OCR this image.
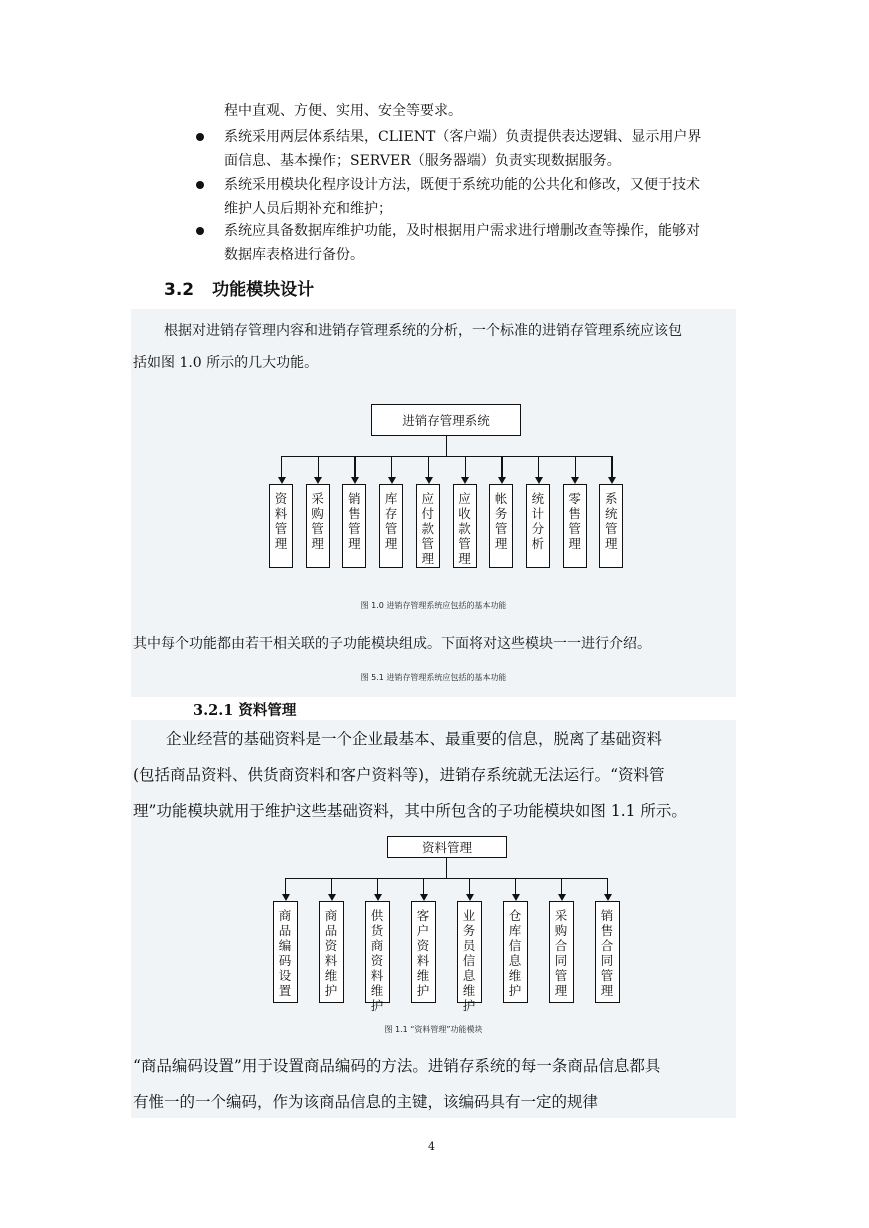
程中直观、方便、实用、安全等要求。
系统采用两层体系结果，CLIENT（客户端）负责提供表达逻辑、显示用户界
面信息、基本操作；SERVER（服务器端）负责实现数据服务。
系统采用模块化程序设计方法，既便于系统功能的公共化和修改，又便于技术
维护人员后期补充和维护；
系统应具备数据库维护功能，及时根据用户需求进行增删改查等操作，能够对
数据库表格进行备份。
3.2 功能模块设计
根据对进销存管理内容和进销存管理系统的分析，一个标准的进销存管理系统应该包
括如图 1.0 所示的几大功能。
进销存管理系统
资
料
管
理
采
购
管
理
销
售
管
理
库
存
管
理
应
付
款
管
理
应
收
款
管
理
帐
务
管
理
统
计
分
析
零
售
管
理
系
统
管
理
图 1.0 进销存管理系统应包括的基本功能
其中每个功能都由若干相关联的子功能模块组成。下面将对这些模块一一进行介绍。
图 5.1 进销存管理系统应包括的基本功能
3.2.1 资料管理
企业经营的基础资料是一个企业最基本、最重要的信息，脱离了基础资料
(包括商品资料、供货商资料和客户资料等)，进销存系统就无法运行。“资料管
理”功能模块就用于维护这些基础资料，其中所包含的子功能模块如图 1.1 所示。
资料管理
商
品
编
码
设
置
商
品
资
料
维
护
供
货
商
资
料
维
护
客
户
资
料
维
护
业
务
员
信
息
维
护
仓
库
信
息
维
护
采
购
合
同
管
理
销
售
合
同
管
理
图 1.1 “资料管理”功能模块
“商品编码设置”用于设置商品编码的方法。进销存系统的每一条商品信息都具
有惟一的一个编码，作为该商品信息的主键，该编码具有一定的规律
4
